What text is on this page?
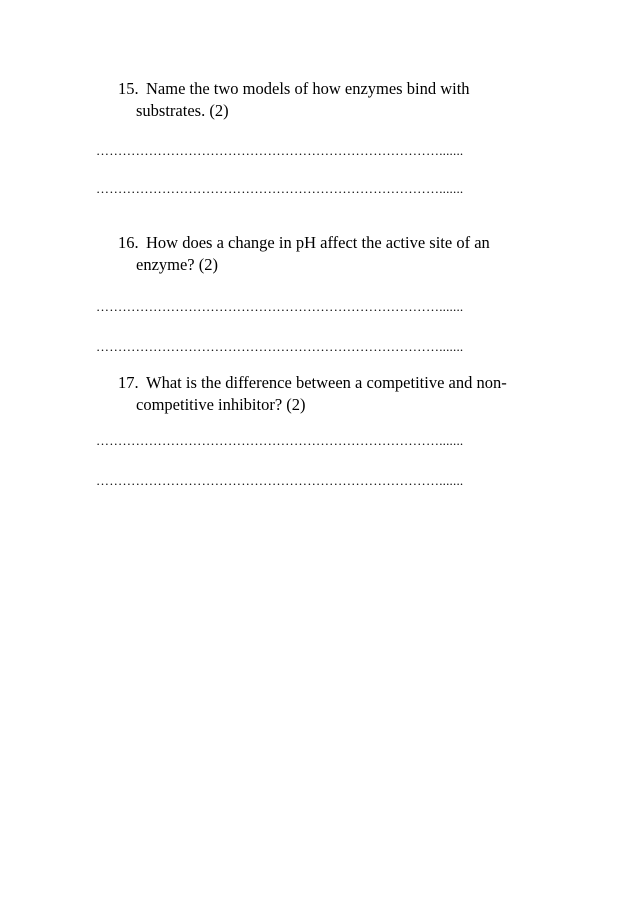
15. Name the two models of how enzymes bind with
substrates. (2)
…………………………………………………………………….......
…………………………………………………………………….......
16. How does a change in pH affect the active site of an
enzyme? (2)
…………………………………………………………………….......
…………………………………………………………………….......
17. What is the difference between a competitive and non-
competitive inhibitor? (2)
…………………………………………………………………….......
…………………………………………………………………….......
